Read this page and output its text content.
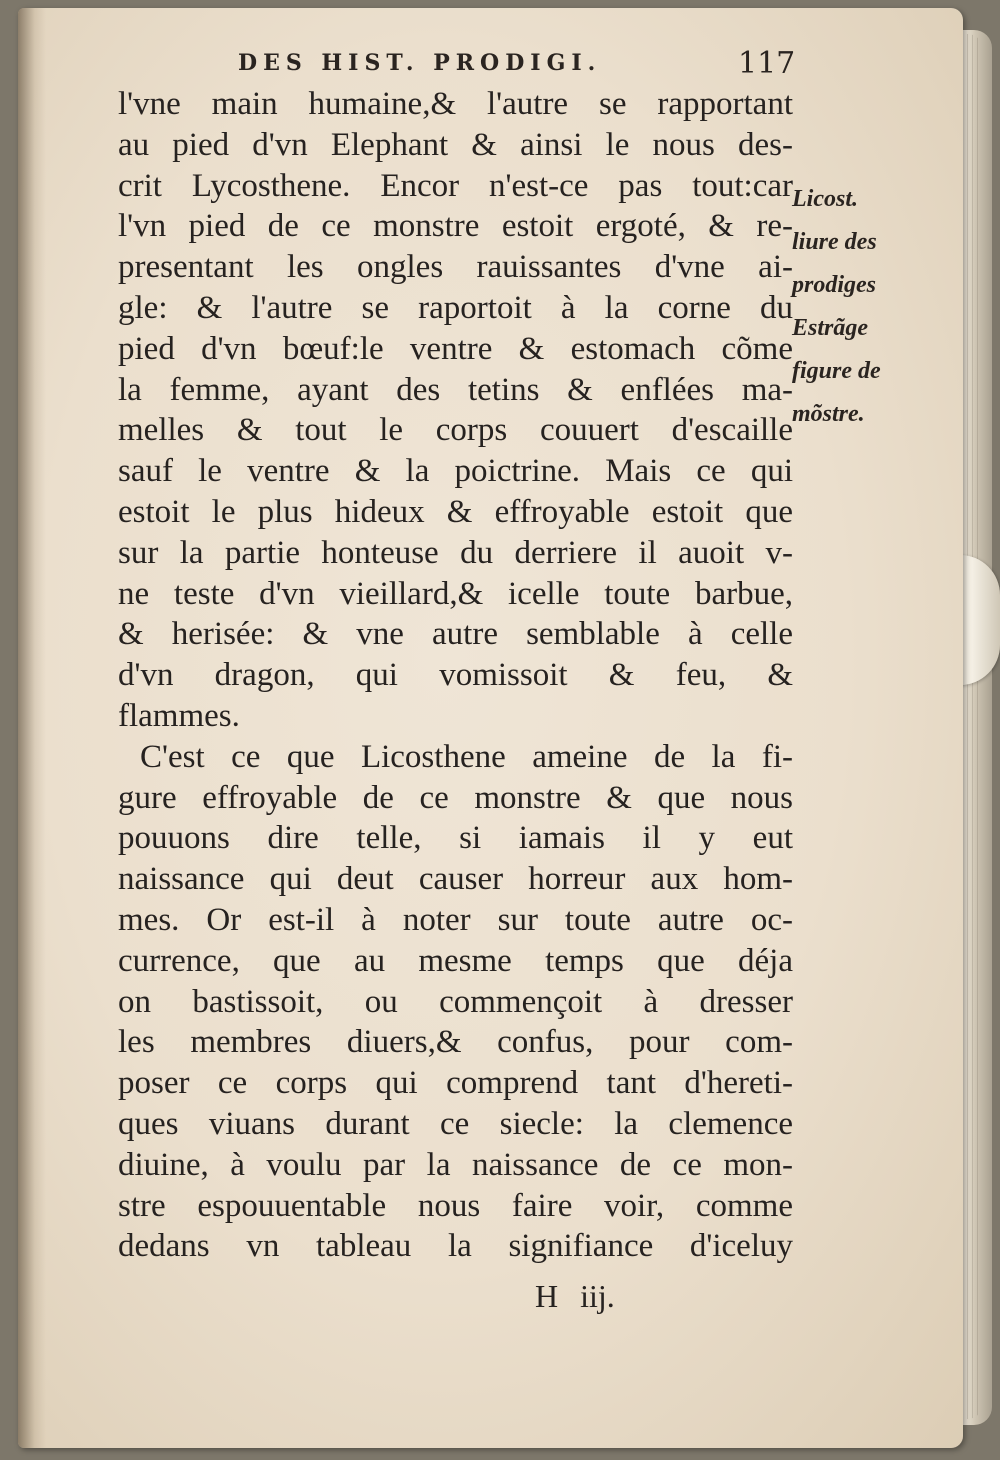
DES HIST. PRODIGI.	117
l'vne main humaine,& l'autre se rapportant
au pied d'vn Elephant & ainsi le nous des-
crit Lycosthene. Encor n'est-ce pas tout:car
l'vn pied de ce monstre estoit ergoté, & re-
presentant les ongles rauissantes d'vne ai-
gle: & l'autre se raportoit à la corne du
pied d'vn bœuf:le ventre & estomach cõme
la femme, ayant des tetins & enflées ma-
melles & tout le corps couuert d'escaille
sauf le ventre & la poictrine. Mais ce qui
estoit le plus hideux & effroyable estoit que
sur la partie honteuse du derriere il auoit v-
ne teste d'vn vieillard,& icelle toute barbue,
& herisée: & vne autre semblable à celle
d'vn dragon, qui vomissoit & feu, &
flammes.
C'est ce que Licosthene ameine de la fi-
gure effroyable de ce monstre & que nous
pouuons dire telle, si iamais il y eut
naissance qui deut causer horreur aux hom-
mes. Or est-il à noter sur toute autre oc-
currence, que au mesme temps que déja
on bastissoit, ou commençoit à dresser
les membres diuers,& confus, pour com-
poser ce corps qui comprend tant d'hereti-
ques viuans durant ce siecle: la clemence
diuine, à voulu par la naissance de ce mon-
stre espouuentable nous faire voir, comme
dedans vn tableau la signifiance d'iceluy
Licost.
liure des
prodiges
Estrãge
figure de
mõstre.
H iij.
